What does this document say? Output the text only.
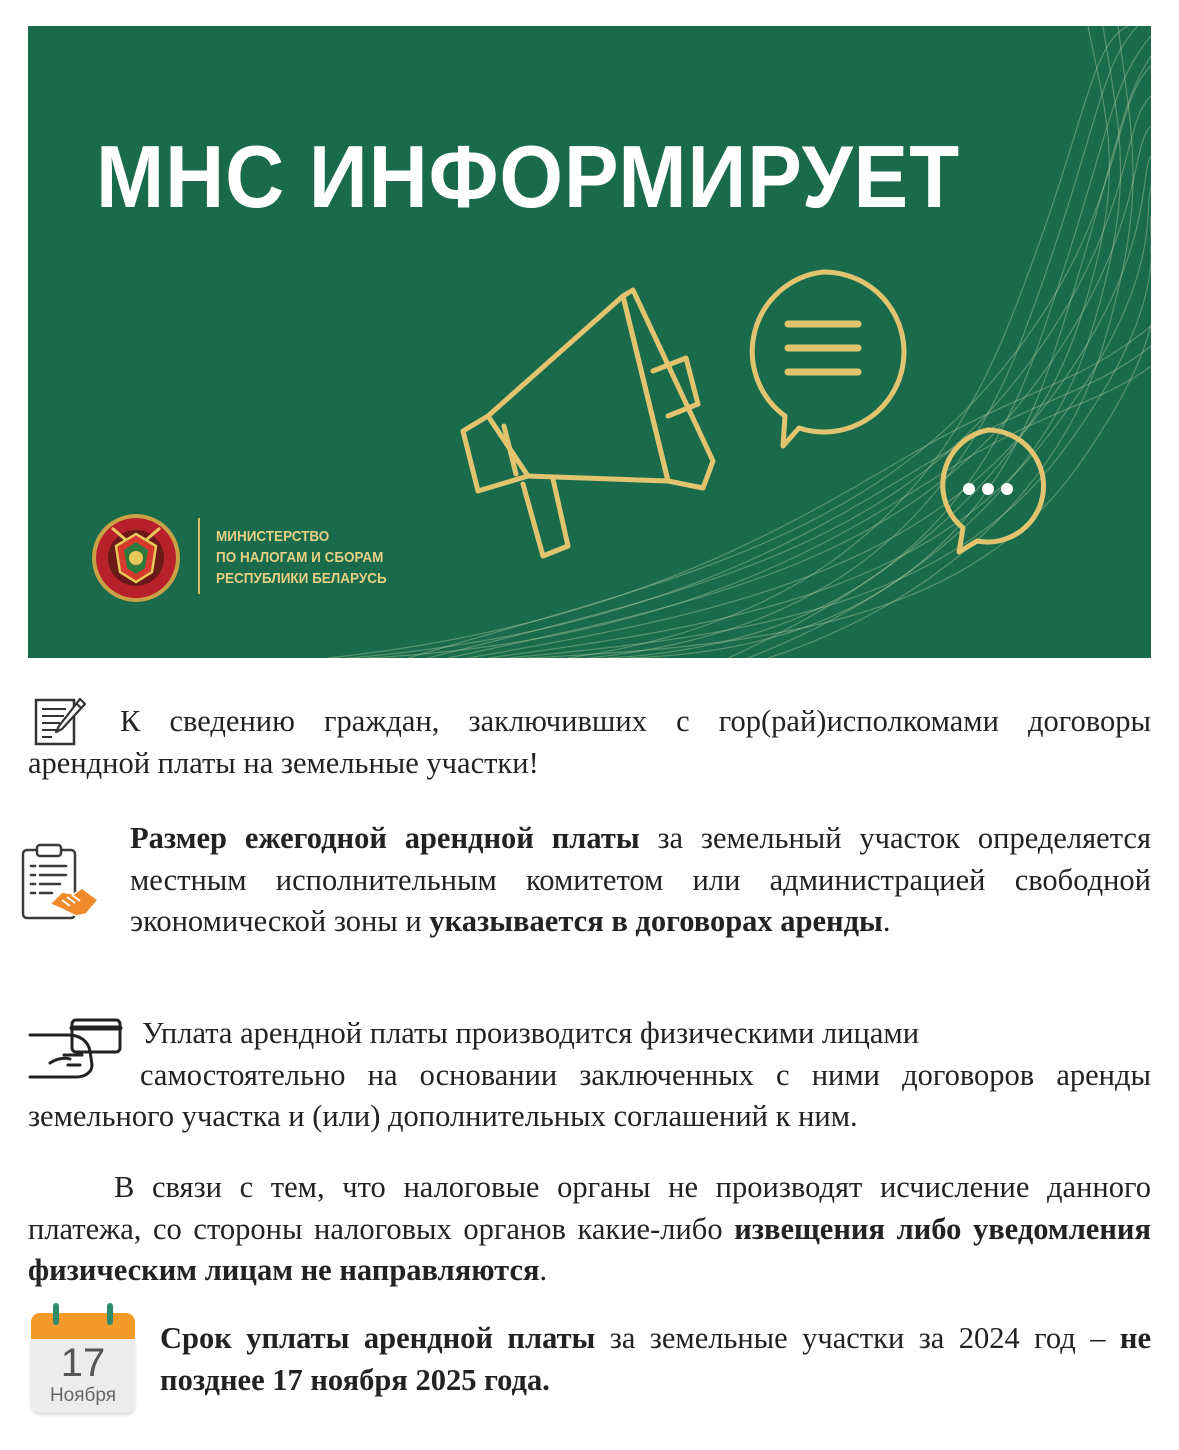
МНС ИНФОРМИРУЕТ
МИНИСТЕРСТВО
ПО НАЛОГАМ И СБОРАМ
РЕСПУБЛИКИ БЕЛАРУСЬ
К сведению граждан, заключивших с гор(рай)исполкомами договоры арендной платы на земельные участки!
Размер ежегодной арендной платы за земельный участок определяется местным исполнительным комитетом или администрацией свободной экономической зоны и указывается в договорах аренды.
Уплата арендной платы производится физическими лицами
самостоятельно на основании заключенных с ними договоров аренды земельного участка и (или) дополнительных соглашений к ним.
В связи с тем, что налоговые органы не производят исчисление данного платежа, со стороны налоговых органов какие-либо извещения либо уведомления физическим лицам не направляются.
17
Ноября
Срок уплаты арендной платы за земельные участки за 2024 год – не позднее 17 ноября 2025 года.
